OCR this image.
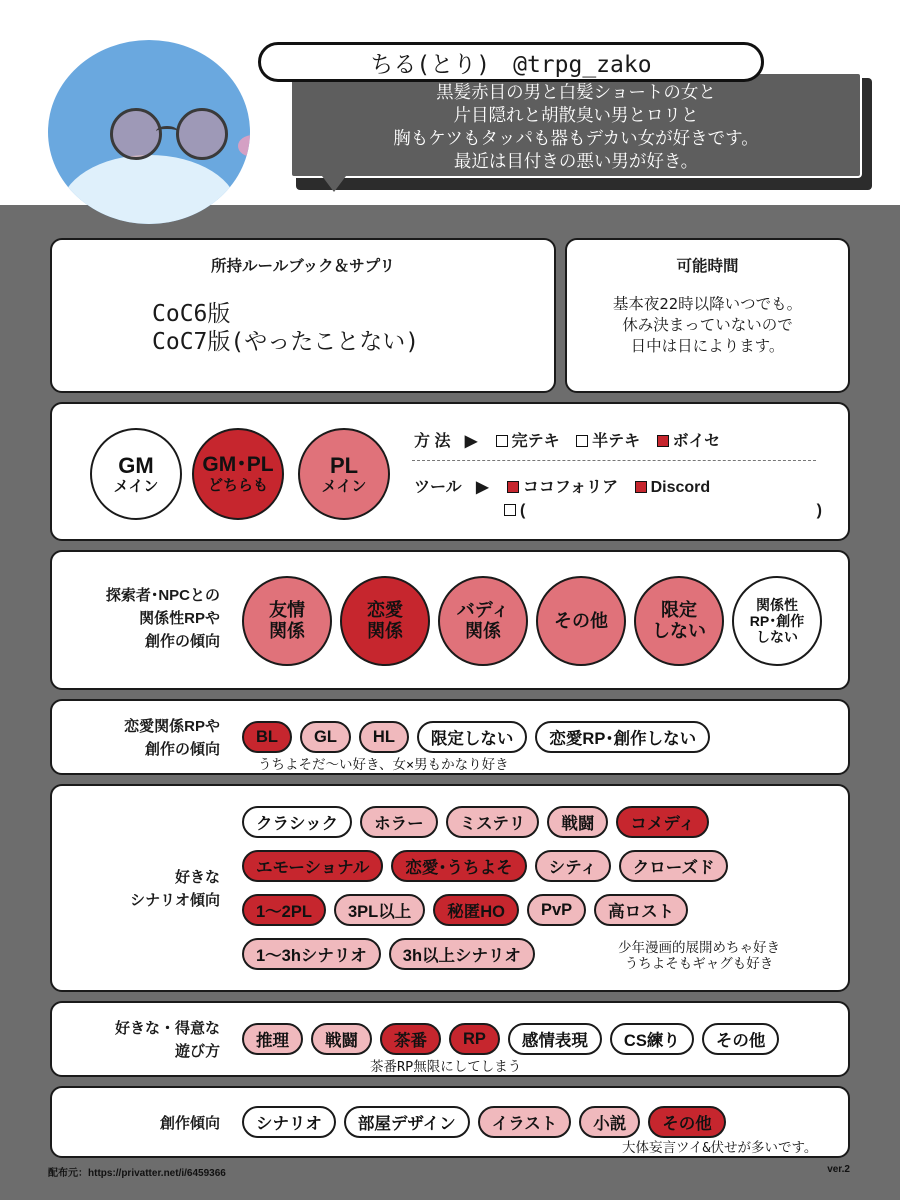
ちる(とり)　@trpg_zako
黒髪赤目の男と白髪ショートの女と
片目隠れと胡散臭い男とロリと
胸もケツもタッパも器もデカい女が好きです。
最近は目付きの悪い男が好き。
所持ルールブック＆サプリ
CoC6版
CoC7版(やったことない)
可能時間
基本夜22時以降いつでも。
休み決まっていないので
日中は日によります。
GM
メイン
GM･PL
どちらも
PL
メイン
方 法 ▶ 完テキ 半テキ ボイセ
ツール ▶ ココフォリア Discord
(	)
探索者･NPCとの
関係性RPや
創作の傾向
友情
関係
恋愛
関係
バディ
関係
その他
限定
しない
関係性
RP･創作
しない
恋愛関係RPや
創作の傾向
BL	GL	HL	限定しない	恋愛RP･創作しない
うちよそだ〜い好き、女×男もかなり好き
好きな
シナリオ傾向
クラシック	ホラー	ミステリ	戦闘	コメディ
エモーショナル	恋愛･うちよそ	シティ	クローズド
1〜2PL	3PL以上	秘匿HO	PvP	高ロスト
1〜3hシナリオ	3h以上シナリオ	少年漫画的展開めちゃ好き
うちよそもギャグも好き
好きな・得意な
遊び方
推理	戦闘	茶番	RP	感情表現	CS練り	その他
茶番RP無限にしてしまう
創作傾向	シナリオ	部屋デザイン	イラスト	小説	その他
大体妄言ツイ&伏せが多いです。
配布元：https://privatter.net/i/6459366	ver.2
